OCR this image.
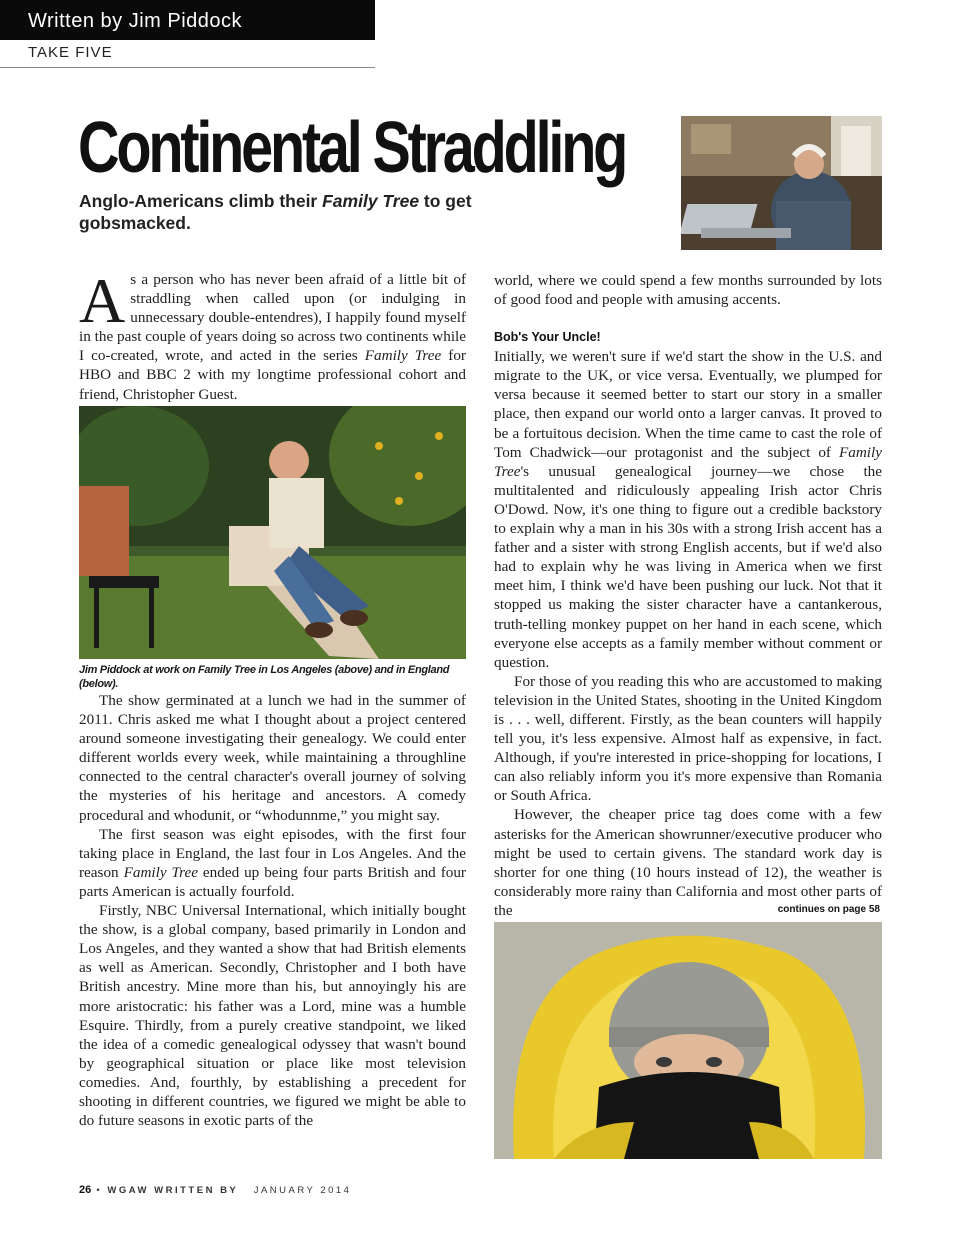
Written by Jim Piddock
TAKE FIVE
Continental Straddling
Anglo-Americans climb their Family Tree to get gobsmacked.

As a person who has never been afraid of a little bit of straddling when called upon (or indulging in unnecessary double-entendres), I happily found myself in the past couple of years doing so across two continents while I co-created, wrote, and acted in the series Family Tree for HBO and BBC 2 with my longtime professional cohort and friend, Christopher Guest.

Jim Piddock at work on Family Tree in Los Angeles (above) and in England (below).

The show germinated at a lunch we had in the summer of 2011. Chris asked me what I thought about a project centered around someone investigating their genealogy. We could enter different worlds every week, while maintaining a throughline connected to the central character's overall journey of solving the mysteries of his heritage and ancestors. A comedy procedural and whodunit, or “whodunnme,” you might say.

The first season was eight episodes, with the first four taking place in England, the last four in Los Angeles. And the reason Family Tree ended up being four parts British and four parts American is actually fourfold.

Firstly, NBC Universal International, which initially bought the show, is a global company, based primarily in London and Los Angeles, and they wanted a show that had British elements as well as American. Secondly, Christopher and I both have British ancestry. Mine more than his, but annoyingly his are more aristocratic: his father was a Lord, mine was a humble Esquire. Thirdly, from a purely creative standpoint, we liked the idea of a comedic genealogical odyssey that wasn't bound by geographical situation or place like most television comedies. And, fourthly, by establishing a precedent for shooting in different countries, we figured we might be able to do future seasons in exotic parts of the

world, where we could spend a few months surrounded by lots of good food and people with amusing accents.

Bob's Your Uncle!

Initially, we weren't sure if we'd start the show in the U.S. and migrate to the UK, or vice versa. Eventually, we plumped for versa because it seemed better to start our story in a smaller place, then expand our world onto a larger canvas. It proved to be a fortuitous decision. When the time came to cast the role of Tom Chadwick—our protagonist and the subject of Family Tree's unusual genealogical journey—we chose the multitalented and ridiculously appealing Irish actor Chris O'Dowd. Now, it's one thing to figure out a credible backstory to explain why a man in his 30s with a strong Irish accent has a father and a sister with strong English accents, but if we'd also had to explain why he was living in America when we first meet him, I think we'd have been pushing our luck. Not that it stopped us making the sister character have a cantankerous, truth-telling monkey puppet on her hand in each scene, which everyone else accepts as a family member without comment or question.

For those of you reading this who are accustomed to making television in the United States, shooting in the United Kingdom is . . . well, different. Firstly, as the bean counters will happily tell you, it's less expensive. Almost half as expensive, in fact. Although, if you're interested in price-shopping for locations, I can also reliably inform you it's more expensive than Romania or South Africa.

However, the cheaper price tag does come with a few asterisks for the American showrunner/executive producer who might be used to certain givens. The standard work day is shorter for one thing (10 hours instead of 12), the weather is considerably more rainy than California and most other parts of the	continues on page 58
26 • WGAW WRITTEN BY JANUARY 2014
